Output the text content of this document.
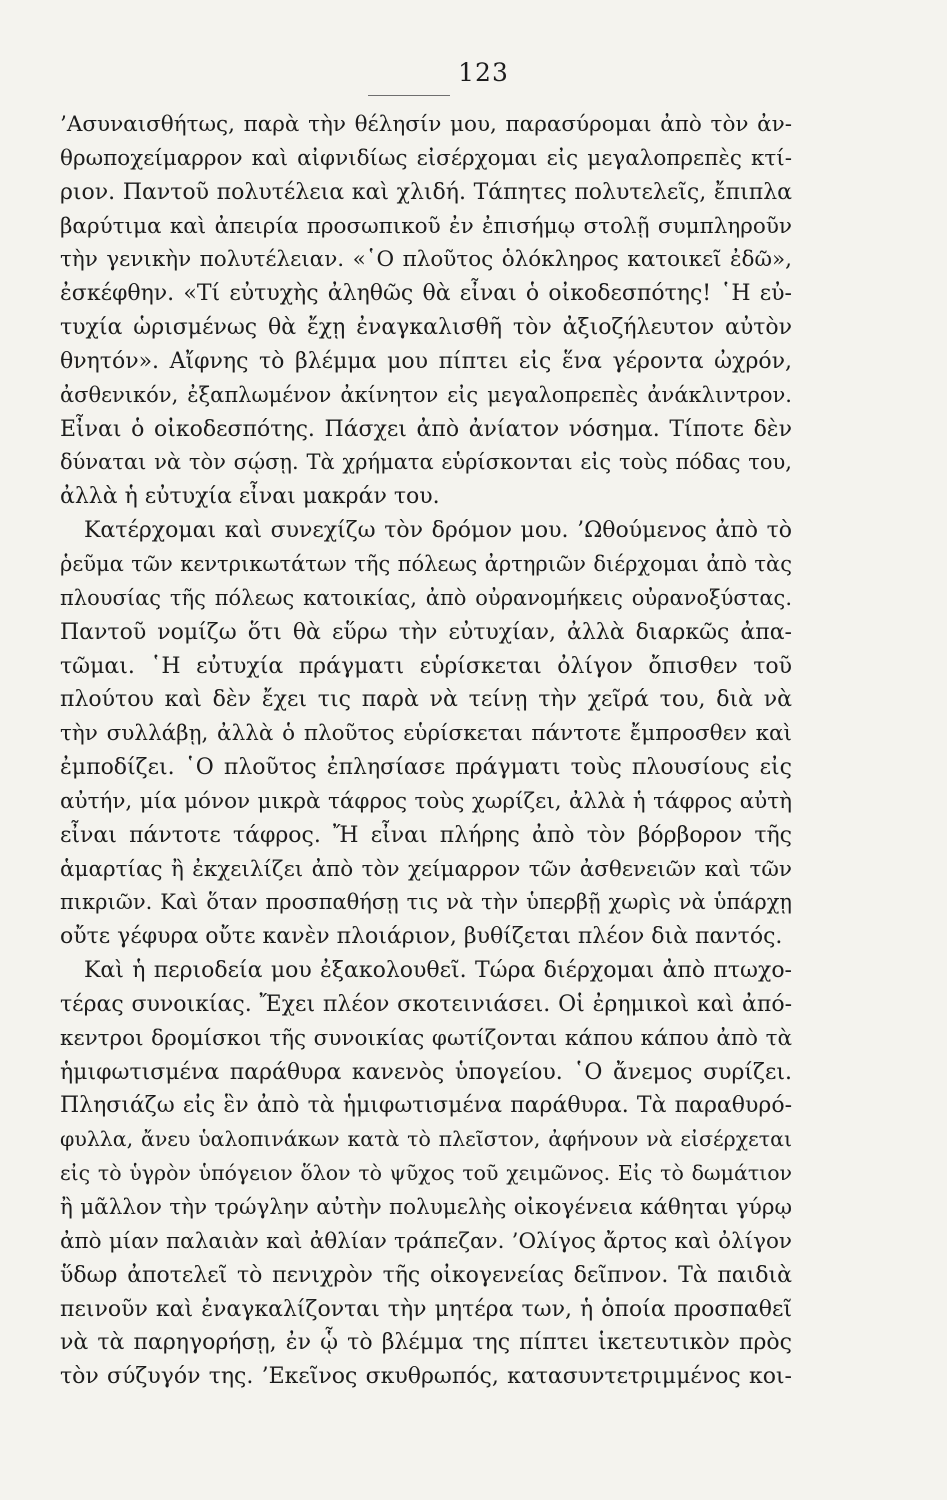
123
’Ασυναισθήτως, παρὰ τὴν θέλησίν μου, παρασύρομαι ἀπὸ τὸν ἀν-
θρωποχείμαρρον καὶ αἰφνιδίως εἰσέρχομαι εἰς μεγαλοπρεπὲς κτί-
ριον. Παντοῦ πολυτέλεια καὶ χλιδή. Τάπητες πολυτελεῖς, ἔπιπλα
βαρύτιμα καὶ ἀπειρία προσωπικοῦ ἐν ἐπισήμῳ στολῇ συμπληροῦν
τὴν γενικὴν πολυτέλειαν. «῾Ο πλοῦτος ὁλόκληρος κατοικεῖ ἐδῶ»,
ἐσκέφθην. «Τί εὐτυχὴς ἀληθῶς θὰ εἶναι ὁ οἰκοδεσπότης! ῾Η εὐ-
τυχία ὡρισμένως θὰ ἔχῃ ἐναγκαλισθῆ τὸν ἀξιοζήλευτον αὐτὸν
θνητόν». Αἴφνης τὸ βλέμμα μου πίπτει εἰς ἕνα γέροντα ὠχρόν,
ἀσθενικόν, ἐξαπλωμένον ἀκίνητον εἰς μεγαλοπρεπὲς ἀνάκλιντρον.
Εἶναι ὁ οἰκοδεσπότης. Πάσχει ἀπὸ ἀνίατον νόσημα. Τίποτε δὲν
δύναται νὰ τὸν σῴσῃ. Τὰ χρήματα εὑρίσκονται εἰς τοὺς πόδας του,
ἀλλὰ ἡ εὐτυχία εἶναι μακράν του.
Κατέρχομαι καὶ συνεχίζω τὸν δρόμον μου. ’Ωθούμενος ἀπὸ τὸ
ῥεῦμα τῶν κεντρικωτάτων τῆς πόλεως ἀρτηριῶν διέρχομαι ἀπὸ τὰς
πλουσίας τῆς πόλεως κατοικίας, ἀπὸ οὐρανομήκεις οὐρανοξύστας.
Παντοῦ νομίζω ὅτι θὰ εὕρω τὴν εὐτυχίαν, ἀλλὰ διαρκῶς ἀπα-
τῶμαι. ῾Η εὐτυχία πράγματι εὑρίσκεται ὀλίγον ὄπισθεν τοῦ
πλούτου καὶ δὲν ἔχει τις παρὰ νὰ τείνῃ τὴν χεῖρά του, διὰ νὰ
τὴν συλλάβῃ, ἀλλὰ ὁ πλοῦτος εὑρίσκεται πάντοτε ἔμπροσθεν καὶ
ἐμποδίζει. ῾Ο πλοῦτος ἐπλησίασε πράγματι τοὺς πλουσίους εἰς
αὐτήν, μία μόνον μικρὰ τάφρος τοὺς χωρίζει, ἀλλὰ ἡ τάφρος αὐτὴ
εἶναι πάντοτε τάφρος. Ἤ εἶναι πλήρης ἀπὸ τὸν βόρβορον τῆς
ἁμαρτίας ἢ ἐκχειλίζει ἀπὸ τὸν χείμαρρον τῶν ἀσθενειῶν καὶ τῶν
πικριῶν. Καὶ ὅταν προσπαθήσῃ τις νὰ τὴν ὑπερβῇ χωρὶς νὰ ὑπάρχῃ
οὔτε γέφυρα οὔτε κανὲν πλοιάριον, βυθίζεται πλέον διὰ παντός.
Καὶ ἡ περιοδεία μου ἐξακολουθεῖ. Τώρα διέρχομαι ἀπὸ πτωχο-
τέρας συνοικίας. Ἔχει πλέον σκοτεινιάσει. Οἱ ἐρημικοὶ καὶ ἀπό-
κεντροι δρομίσκοι τῆς συνοικίας φωτίζονται κάπου κάπου ἀπὸ τὰ
ἡμιφωτισμένα παράθυρα κανενὸς ὑπογείου. ῾Ο ἄνεμος συρίζει.
Πλησιάζω εἰς ἓν ἀπὸ τὰ ἡμιφωτισμένα παράθυρα. Τὰ παραθυρό-
φυλλα, ἄνευ ὑαλοπινάκων κατὰ τὸ πλεῖστον, ἀφήνουν νὰ εἰσέρχεται
εἰς τὸ ὑγρὸν ὑπόγειον ὅλον τὸ ψῦχος τοῦ χειμῶνος. Εἰς τὸ δωμάτιον
ἢ μᾶλλον τὴν τρώγλην αὐτὴν πολυμελὴς οἰκογένεια κάθηται γύρῳ
ἀπὸ μίαν παλαιὰν καὶ ἀθλίαν τράπεζαν. ’Ολίγος ἄρτος καὶ ὀλίγον
ὕδωρ ἀποτελεῖ τὸ πενιχρὸν τῆς οἰκογενείας δεῖπνον. Τὰ παιδιὰ
πεινοῦν καὶ ἐναγκαλίζονται τὴν μητέρα των, ἡ ὁποία προσπαθεῖ
νὰ τὰ παρηγορήσῃ, ἐν ᾧ τὸ βλέμμα της πίπτει ἱκετευτικὸν πρὸς
τὸν σύζυγόν της. ’Εκεῖνος σκυθρωπός, κατασυντετριμμένος κοι-
